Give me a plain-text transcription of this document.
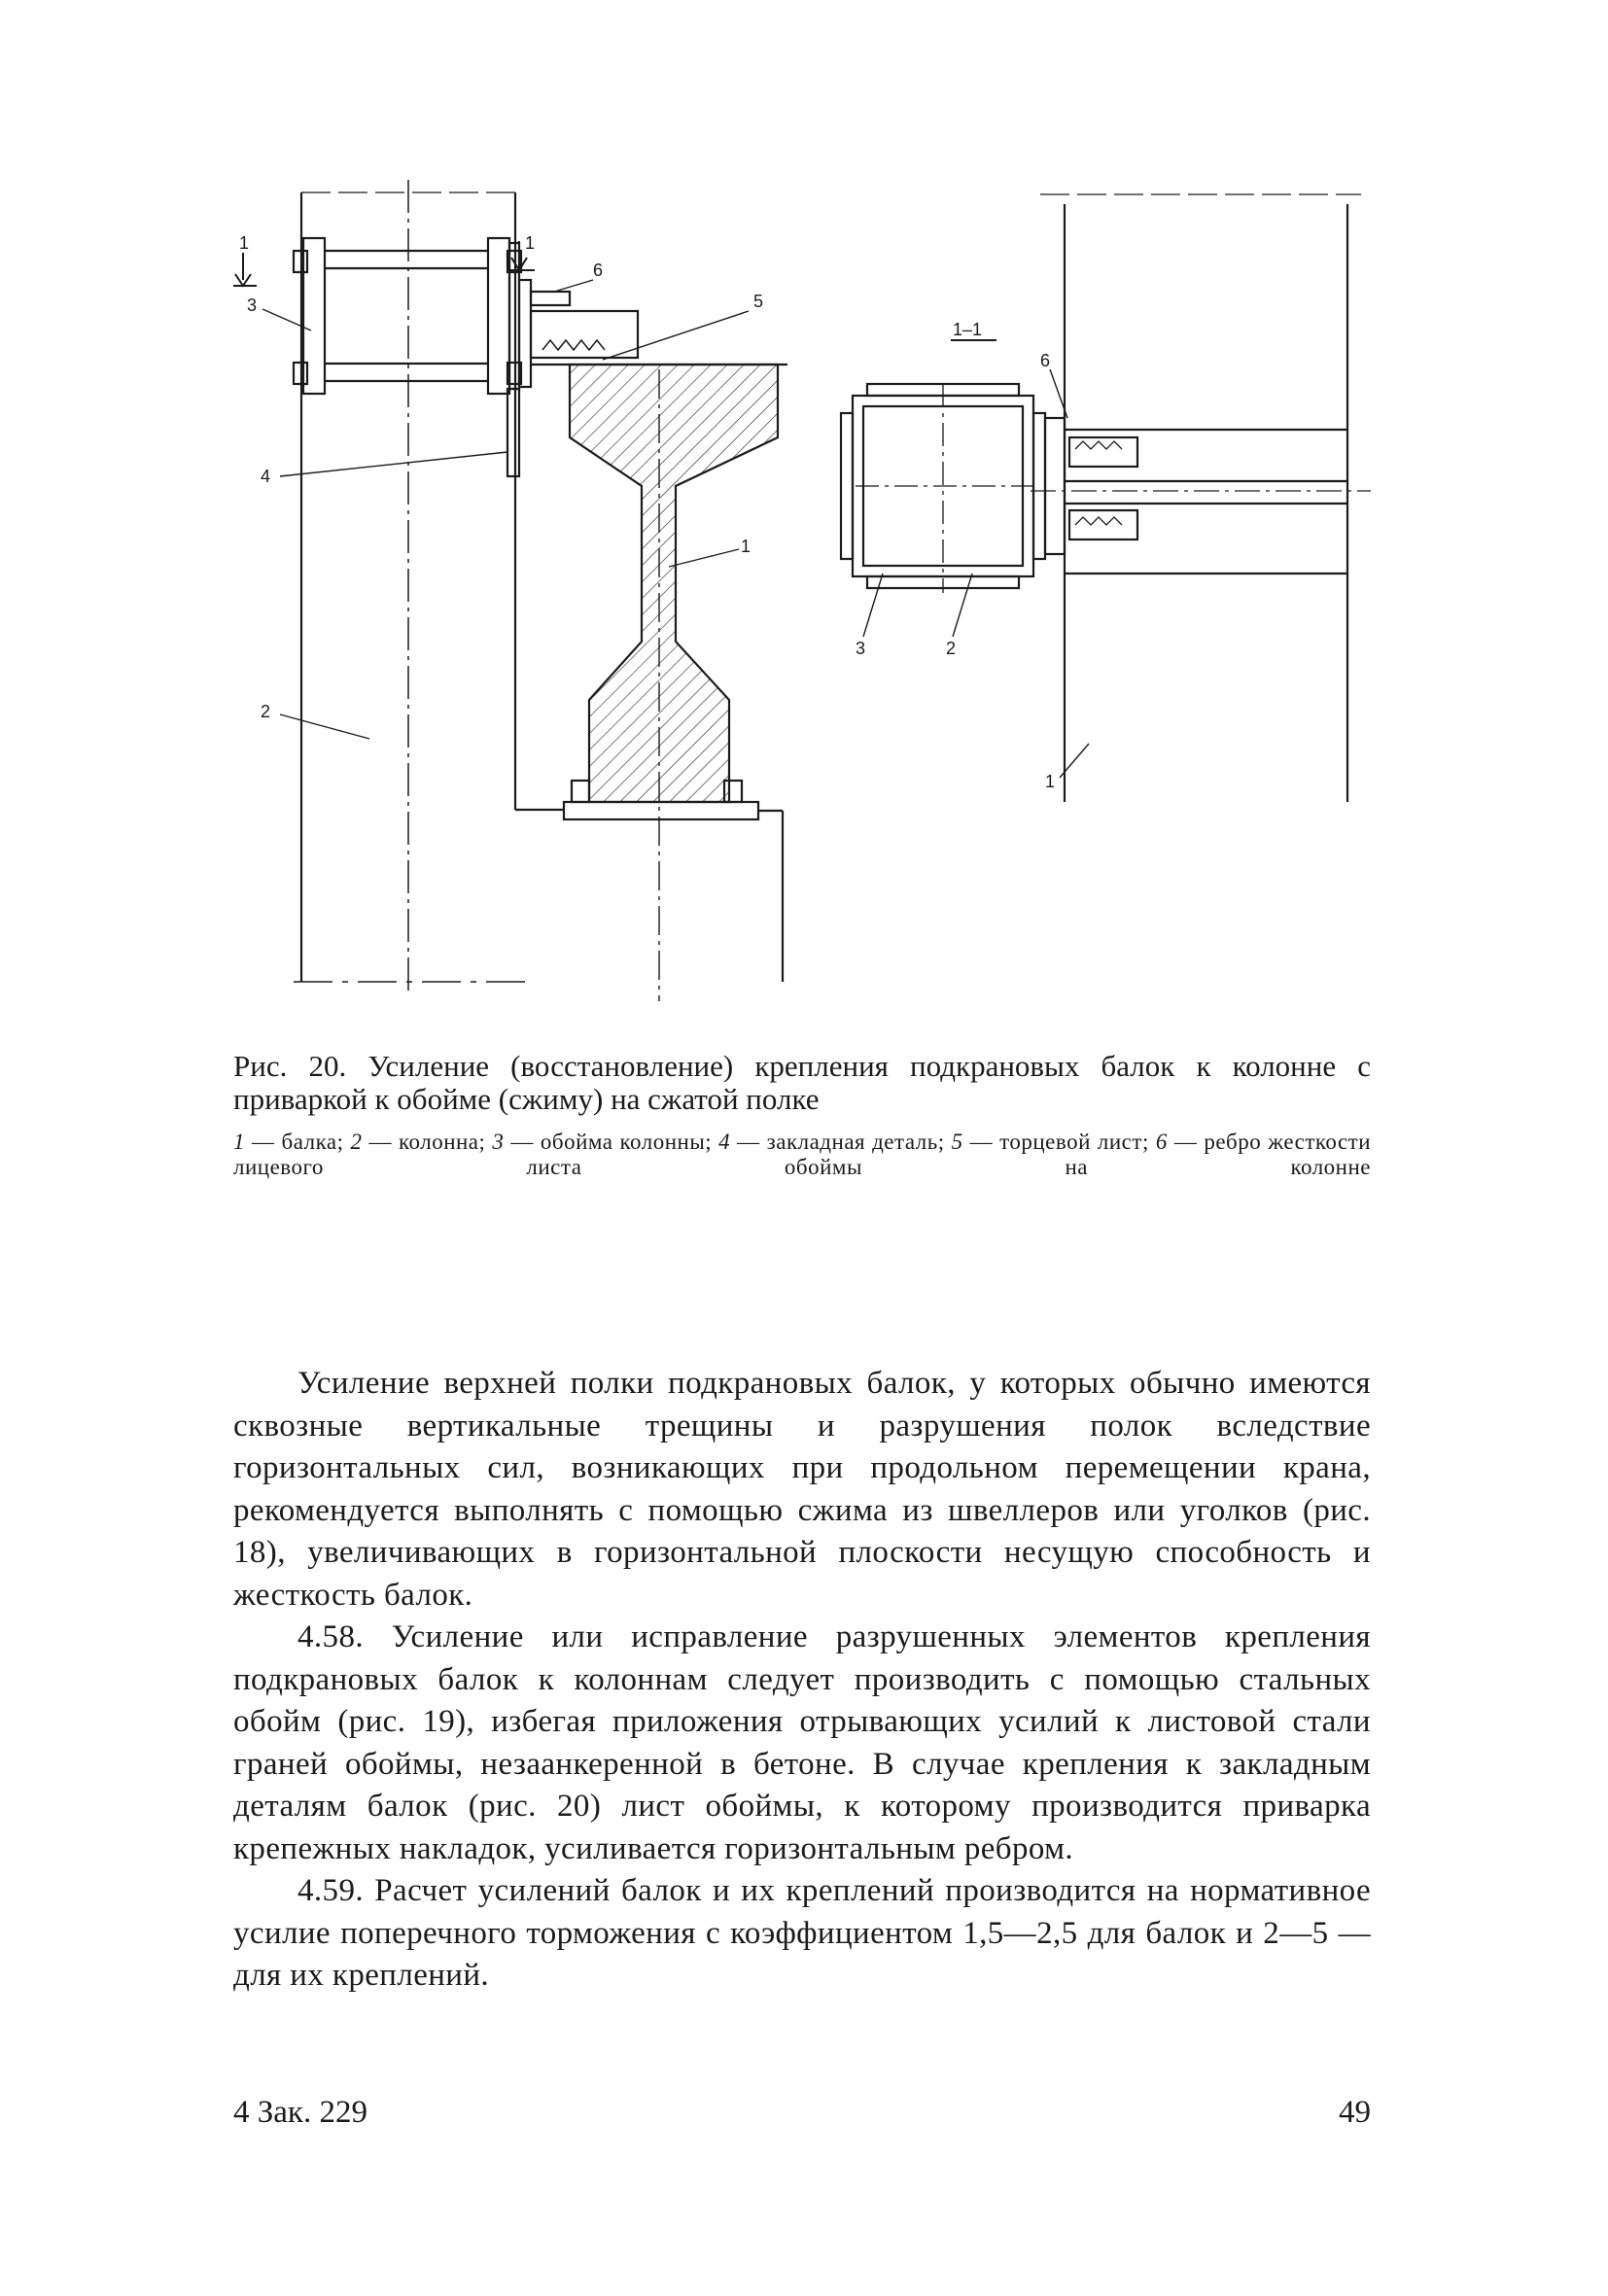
1	1
6
5
3
4
1
2
1–1
6
3	2
1

Рис. 20. Усиление (восстановление) крепления подкрановых балок к колонне с приваркой к обойме (сжиму) на сжатой полке

1 — балка; 2 — колонна; 3 — обойма колонны; 4 — закладная деталь; 5 — торцевой лист; 6 — ребро жесткости лицевого листа обоймы на колонне

Усиление верхней полки подкрановых балок, у которых обычно имеются сквозные вертикальные трещины и разрушения полок вследствие горизонтальных сил, возникающих при продольном перемещении крана, рекомендуется выполнять с помощью сжима из швеллеров или уголков (рис. 18), увеличивающих в горизонтальной плоскости несущую способность и жесткость балок.

4.58. Усиление или исправление разрушенных элементов крепления подкрановых балок к колоннам следует производить с помощью стальных обойм (рис. 19), избегая приложения отрывающих усилий к листовой стали граней обоймы, незаанкеренной в бетоне. В случае крепления к закладным деталям балок (рис. 20) лист обоймы, к которому производится приварка крепежных накладок, усиливается горизонтальным ребром.

4.59. Расчет усилений балок и их креплений производится на нормативное усилие поперечного торможения с коэффициентом 1,5—2,5 для балок и 2—5 — для их креплений.

4 Зак. 229	49
